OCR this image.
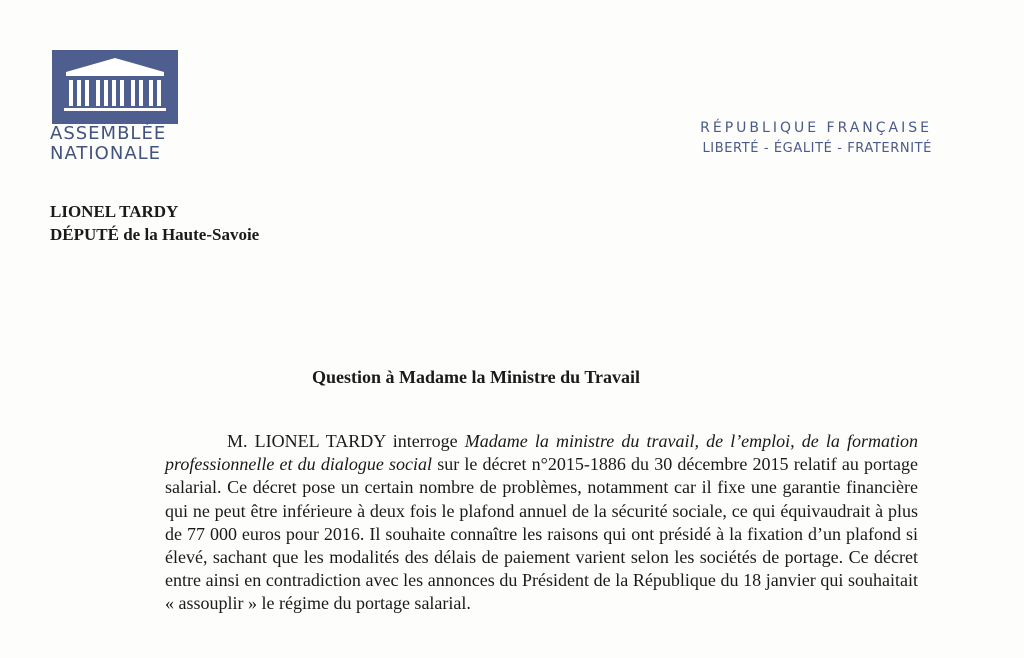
ASSEMBLÉE
NATIONALE
RÉPUBLIQUE FRANÇAISE
LIBERTÉ - ÉGALITÉ - FRATERNITÉ
LIONEL TARDY
DÉPUTÉ de la Haute-Savoie
Question à Madame la Ministre du Travail

M. LIONEL TARDY interroge Madame la ministre du travail, de l’emploi, de la formation professionnelle et du dialogue social sur le décret n°2015-1886 du 30 décembre 2015 relatif au portage salarial. Ce décret pose un certain nombre de problèmes, notamment car il fixe une garantie financière qui ne peut être inférieure à deux fois le plafond annuel de la sécurité sociale, ce qui équivaudrait à plus de 77 000 euros pour 2016. Il souhaite connaître les raisons qui ont présidé à la fixation d’un plafond si élevé, sachant que les modalités des délais de paiement varient selon les sociétés de portage. Ce décret entre ainsi en contradiction avec les annonces du Président de la République du 18 janvier qui souhaitait « assouplir » le régime du portage salarial.
